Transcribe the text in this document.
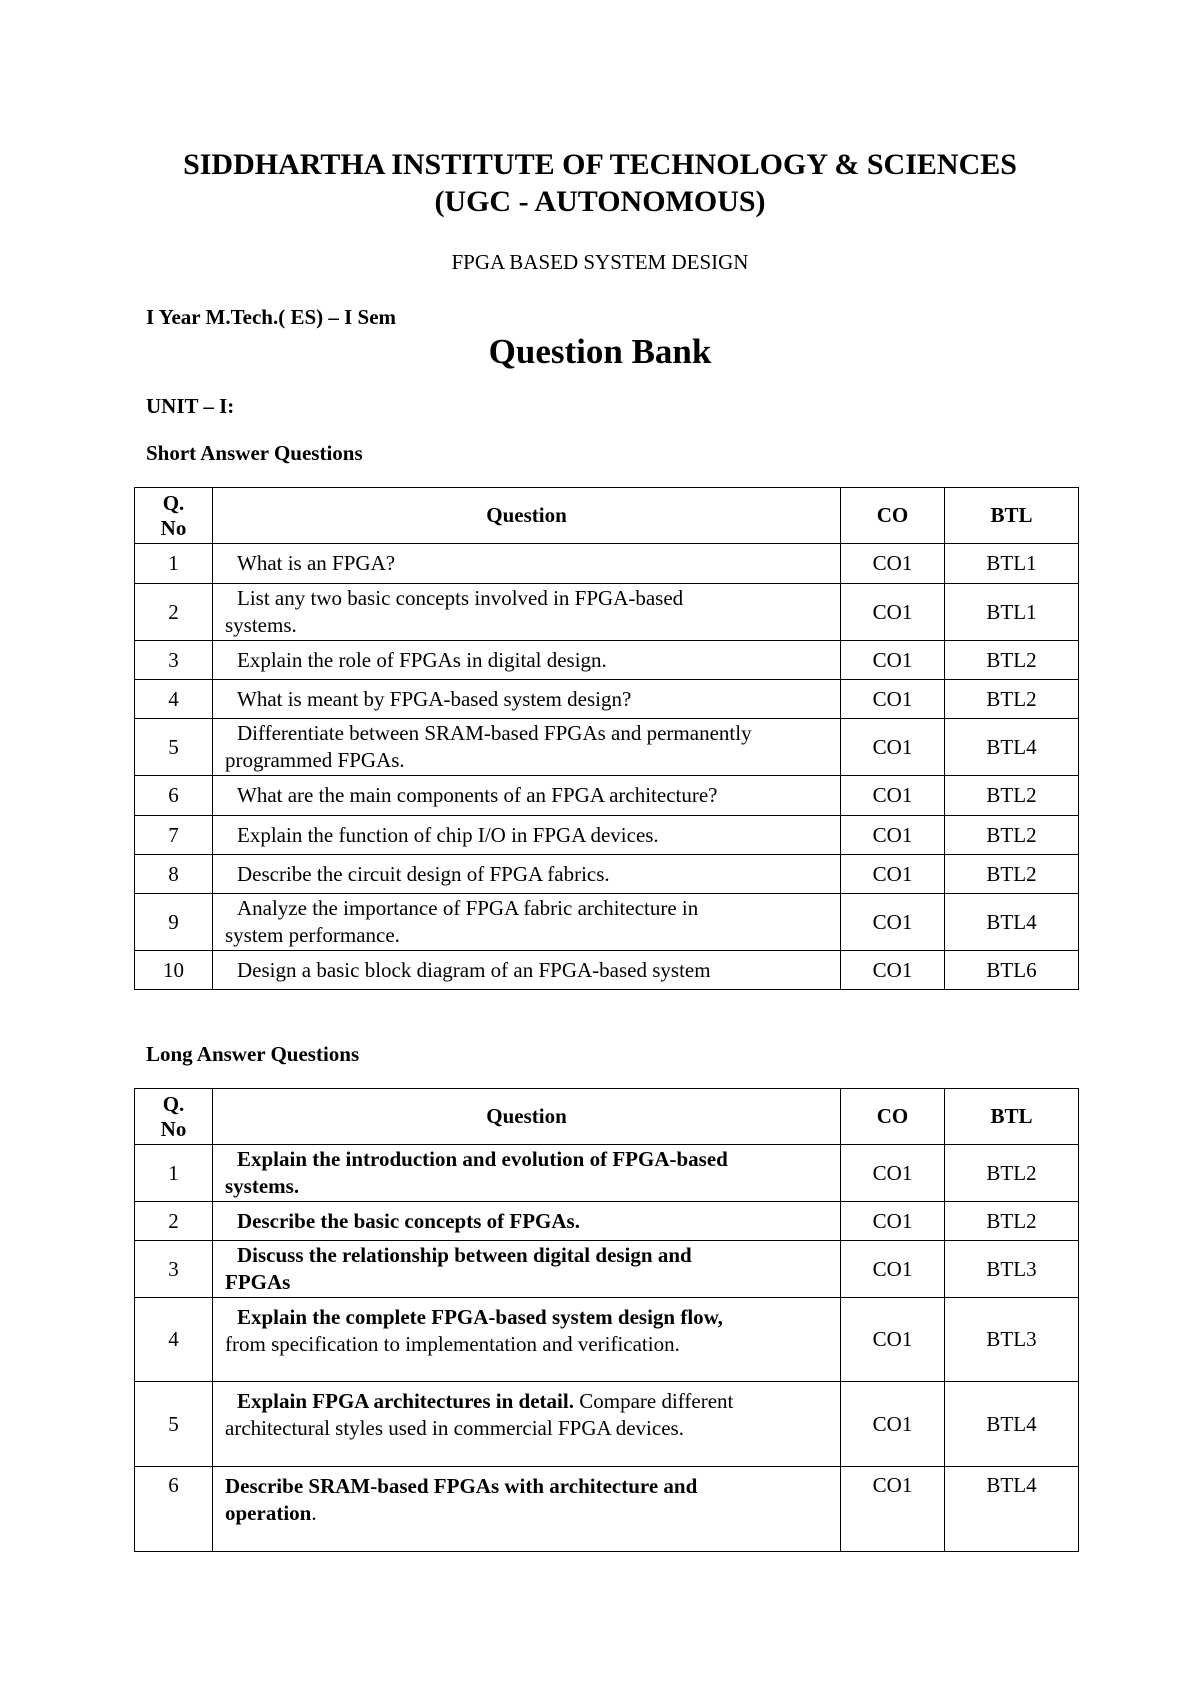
SIDDHARTHA INSTITUTE OF TECHNOLOGY & SCIENCES
(UGC - AUTONOMOUS)
FPGA BASED SYSTEM DESIGN
I Year M.Tech.( ES) – I Sem
Question Bank
UNIT – I:
Short Answer Questions
Q.
No	Question	CO	BTL
1	What is an FPGA?	CO1	BTL1
2	List any two basic concepts involved in FPGA-based
systems.	CO1	BTL1
3	Explain the role of FPGAs in digital design.	CO1	BTL2
4	What is meant by FPGA-based system design?	CO1	BTL2
5	Differentiate between SRAM-based FPGAs and permanently
programmed FPGAs.	CO1	BTL4
6	What are the main components of an FPGA architecture?	CO1	BTL2
7	Explain the function of chip I/O in FPGA devices.	CO1	BTL2
8	Describe the circuit design of FPGA fabrics.	CO1	BTL2
9	Analyze the importance of FPGA fabric architecture in
system performance.	CO1	BTL4
10	Design a basic block diagram of an FPGA-based system	CO1	BTL6
Long Answer Questions
Q.
No	Question	CO	BTL
1	Explain the introduction and evolution of FPGA-based
systems.	CO1	BTL2
2	Describe the basic concepts of FPGAs.	CO1	BTL2
3	Discuss the relationship between digital design and
FPGAs	CO1	BTL3
4	Explain the complete FPGA-based system design flow,
from specification to implementation and verification.	CO1	BTL3
5	Explain FPGA architectures in detail. Compare different
architectural styles used in commercial FPGA devices.	CO1	BTL4
6	Describe SRAM-based FPGAs with architecture and
operation.	CO1	BTL4
